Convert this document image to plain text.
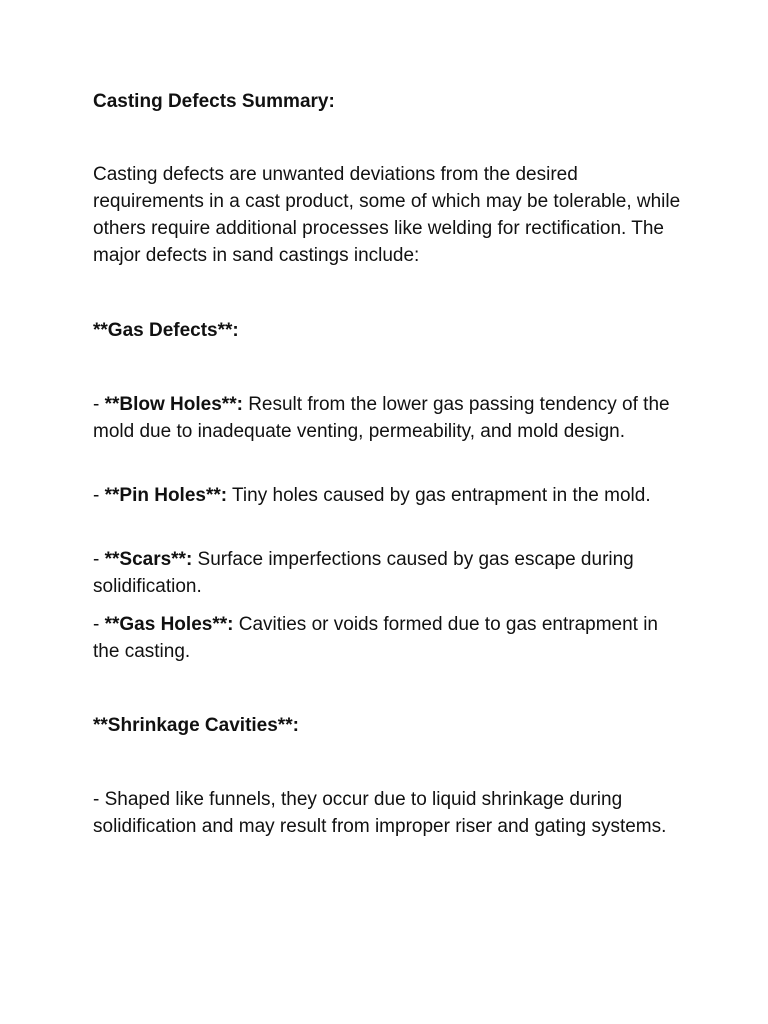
Casting Defects Summary:

Casting defects are unwanted deviations from the desired requirements in a cast product, some of which may be tolerable, while others require additional processes like welding for rectification. The major defects in sand castings include:

**Gas Defects**:

- **Blow Holes**: Result from the lower gas passing tendency of the mold due to inadequate venting, permeability, and mold design.

- **Pin Holes**: Tiny holes caused by gas entrapment in the mold.

- **Scars**: Surface imperfections caused by gas escape during solidification.

- **Gas Holes**: Cavities or voids formed due to gas entrapment in the casting.

**Shrinkage Cavities**:

- Shaped like funnels, they occur due to liquid shrinkage during solidification and may result from improper riser and gating systems.
